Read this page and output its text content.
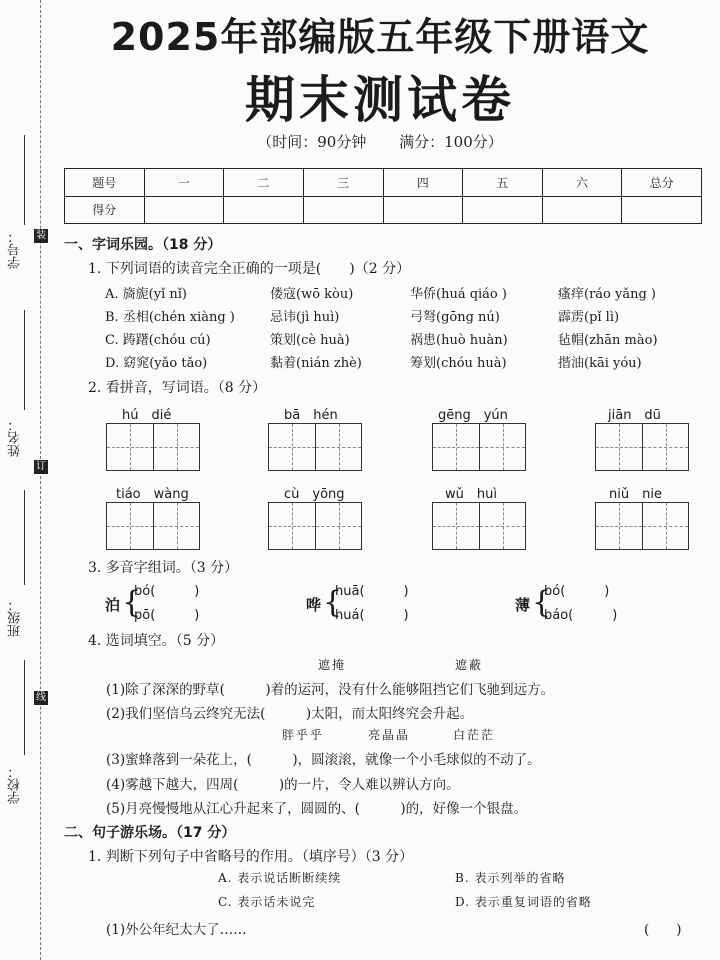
学号：
姓名：
班级：
学校：
装
订
线
2025年部编版五年级下册语文
期末测试卷
（时间：90分钟 满分：100分）
题号	一	二	三	四	五	六	总分
得分							
一、字词乐园。（18 分）
1. 下列词语的读音完全正确的一项是(　　)（2 分）
A. 旖旎(yǐ nǐ)	偻寇(wō kòu)	华侨(huá qiáo )	瘙痒(ráo yǎng )
B. 丞相(chén xiàng )	忌讳(jì huì)	弓弩(gōng nú)	霹雳(pǐ lì)
C. 踌躇(chóu cú)	策划(cè huà)	祸患(huò huàn)	毡帽(zhān mào)
D. 窈窕(yǎo tǎo)	黏着(nián zhè)	筹划(chóu huà)	揩油(kāi yóu)
2. 看拼音，写词语。（8 分）
hú　dié	bā　hén	gēng　yún	jiān　dū
tiáo　wàng	cù　yōng	wǔ　huì	niǔ　nie
3. 多音字组词。（3 分）
泊 {
bó(　　　)
pō(　　　)
哗 {
huā(　　　)
huá(　　　)
薄 {
bó(　　　)
báo(　　　)
4. 选词填空。（5 分）
遮掩	遮蔽
(1)除了深深的野草(　　　)着的运河，没有什么能够阻挡它们飞驰到远方。
(2)我们坚信乌云终究无法(　　　)太阳，而太阳终究会升起。
胖乎乎	亮晶晶	白茫茫
(3)蜜蜂落到一朵花上，(　　　)，圆滚滚，就像一个小毛球似的不动了。
(4)雾越下越大，四周(　　　)的一片，令人难以辨认方向。
(5)月亮慢慢地从江心升起来了，圆圆的、(　　　)的，好像一个银盘。
二、句子游乐场。（17 分）
1. 判断下列句子中省略号的作用。（填序号）（3 分）
A. 表示说话断断续续	B. 表示列举的省略
C. 表示话未说完	D. 表示重复词语的省略
(1)外公年纪太大了……	(　　)
